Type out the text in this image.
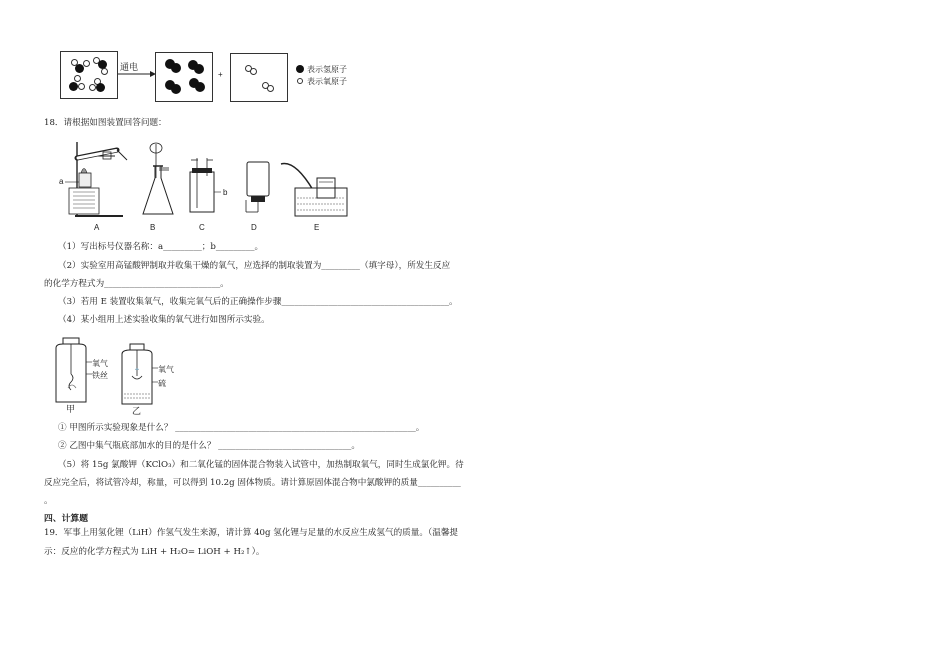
通电
+
表示氢原子
表示氧原子
18．请根据如图装置回答问题：
a
b
A	B	C	D	E
（1）写出标号仪器名称：a_________；b_________。
（2）实验室用高锰酸钾制取并收集干燥的氧气，应选择的制取装置为_________（填字母），所发生反应
的化学方程式为___________________________。
（3）若用 E 装置收集氧气，收集完氧气后的正确操作步骤_______________________________________。
（4）某小组用上述实验收集的氧气进行如图所示实验。
氧气
铁丝
甲
氧气
硫
乙
① 甲图所示实验现象是什么？ ________________________________________________________。
② 乙图中集气瓶底部加水的目的是什么？ _______________________________。
（5）将 15g 氯酸钾（KClO₃）和二氧化锰的固体混合物装入试管中，加热制取氧气，同时生成氯化钾。待
反应完全后，将试管冷却，称量，可以得到 10.2g 固体物质。请计算原固体混合物中氯酸钾的质量__________
。
四、计算题
19．军事上用氢化锂（LiH）作氢气发生来源，请计算 40g 氢化锂与足量的水反应生成氢气的质量。（温馨提
示：反应的化学方程式为 LiH + H₂O= LiOH + H₂↑）。
